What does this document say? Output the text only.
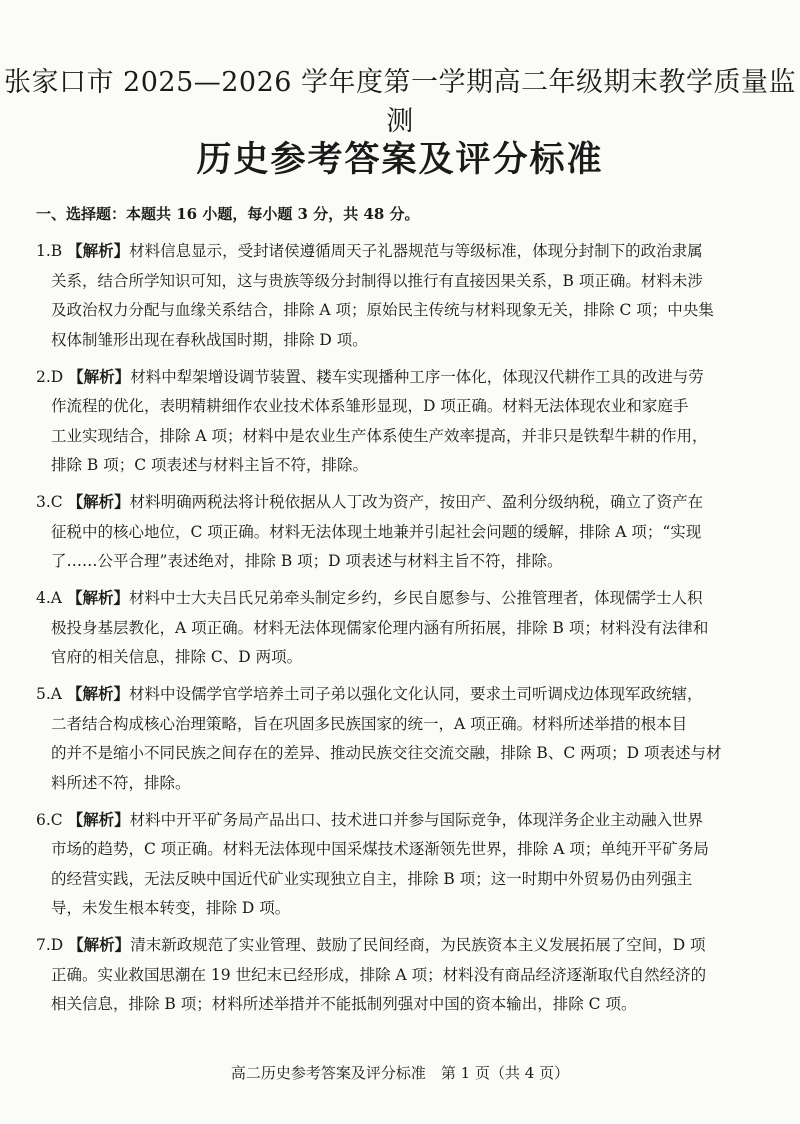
张家口市 2025—2026 学年度第一学期高二年级期末教学质量监测
历史参考答案及评分标准
一、选择题：本题共 16 小题，每小题 3 分，共 48 分。
1.B 【解析】材料信息显示，受封诸侯遵循周天子礼器规范与等级标准，体现分封制下的政治隶属
关系，结合所学知识可知，这与贵族等级分封制得以推行有直接因果关系，B 项正确。材料未涉
及政治权力分配与血缘关系结合，排除 A 项；原始民主传统与材料现象无关，排除 C 项；中央集
权体制雏形出现在春秋战国时期，排除 D 项。
2.D 【解析】材料中犁架增设调节装置、耧车实现播种工序一体化，体现汉代耕作工具的改进与劳
作流程的优化，表明精耕细作农业技术体系雏形显现，D 项正确。材料无法体现农业和家庭手
工业实现结合，排除 A 项；材料中是农业生产体系使生产效率提高，并非只是铁犁牛耕的作用，
排除 B 项；C 项表述与材料主旨不符，排除。
3.C 【解析】材料明确两税法将计税依据从人丁改为资产，按田产、盈利分级纳税，确立了资产在
征税中的核心地位，C 项正确。材料无法体现土地兼并引起社会问题的缓解，排除 A 项；“实现
了……公平合理”表述绝对，排除 B 项；D 项表述与材料主旨不符，排除。
4.A 【解析】材料中士大夫吕氏兄弟牵头制定乡约，乡民自愿参与、公推管理者，体现儒学士人积
极投身基层教化，A 项正确。材料无法体现儒家伦理内涵有所拓展，排除 B 项；材料没有法律和
官府的相关信息，排除 C、D 两项。
5.A 【解析】材料中设儒学官学培养土司子弟以强化文化认同，要求土司听调戍边体现军政统辖，
二者结合构成核心治理策略，旨在巩固多民族国家的统一，A 项正确。材料所述举措的根本目
的并不是缩小不同民族之间存在的差异、推动民族交往交流交融，排除 B、C 两项；D 项表述与材
料所述不符，排除。
6.C 【解析】材料中开平矿务局产品出口、技术进口并参与国际竞争，体现洋务企业主动融入世界
市场的趋势，C 项正确。材料无法体现中国采煤技术逐渐领先世界，排除 A 项；单纯开平矿务局
的经营实践，无法反映中国近代矿业实现独立自主，排除 B 项；这一时期中外贸易仍由列强主
导，未发生根本转变，排除 D 项。
7.D 【解析】清末新政规范了实业管理、鼓励了民间经商，为民族资本主义发展拓展了空间，D 项
正确。实业救国思潮在 19 世纪末已经形成，排除 A 项；材料没有商品经济逐渐取代自然经济的
相关信息，排除 B 项；材料所述举措并不能抵制列强对中国的资本输出，排除 C 项。
高二历史参考答案及评分标准　第 1 页（共 4 页）
